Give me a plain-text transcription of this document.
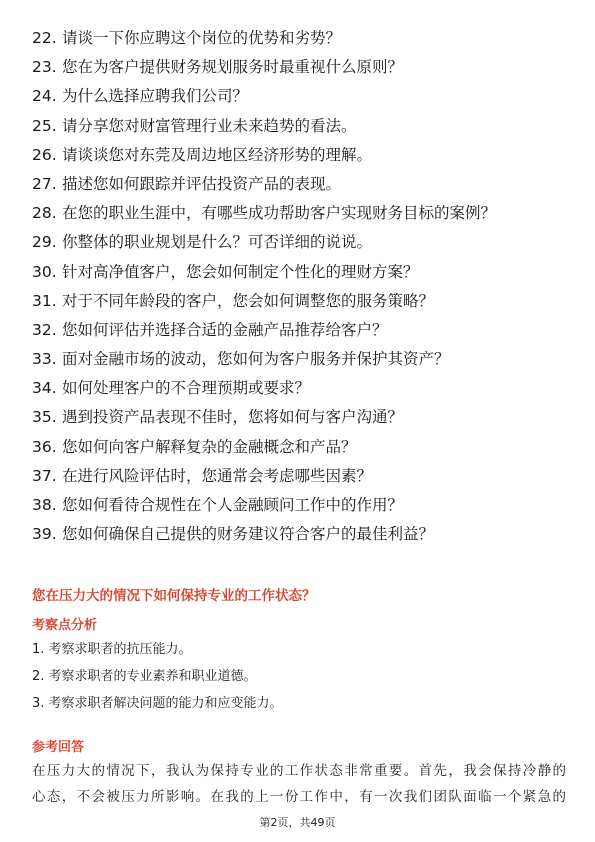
22. 请谈一下你应聘这个岗位的优势和劣势？
23. 您在为客户提供财务规划服务时最重视什么原则？
24. 为什么选择应聘我们公司？
25. 请分享您对财富管理行业未来趋势的看法。
26. 请谈谈您对东莞及周边地区经济形势的理解。
27. 描述您如何跟踪并评估投资产品的表现。
28. 在您的职业生涯中，有哪些成功帮助客户实现财务目标的案例？
29. 你整体的职业规划是什么？可否详细的说说。
30. 针对高净值客户，您会如何制定个性化的理财方案？
31. 对于不同年龄段的客户，您会如何调整您的服务策略？
32. 您如何评估并选择合适的金融产品推荐给客户？
33. 面对金融市场的波动，您如何为客户服务并保护其资产？
34. 如何处理客户的不合理预期或要求？
35. 遇到投资产品表现不佳时，您将如何与客户沟通？
36. 您如何向客户解释复杂的金融概念和产品？
37. 在进行风险评估时，您通常会考虑哪些因素？
38. 您如何看待合规性在个人金融顾问工作中的作用？
39. 您如何确保自己提供的财务建议符合客户的最佳利益？
您在压力大的情况下如何保持专业的工作状态？
考察点分析
1. 考察求职者的抗压能力。
2. 考察求职者的专业素养和职业道德。
3. 考察求职者解决问题的能力和应变能力。
参考回答

在压力大的情况下，我认为保持专业的工作状态非常重要。首先，我会保持冷静的

心态，不会被压力所影响。在我的上一份工作中，有一次我们团队面临一个紧急的

第2页，共49页
